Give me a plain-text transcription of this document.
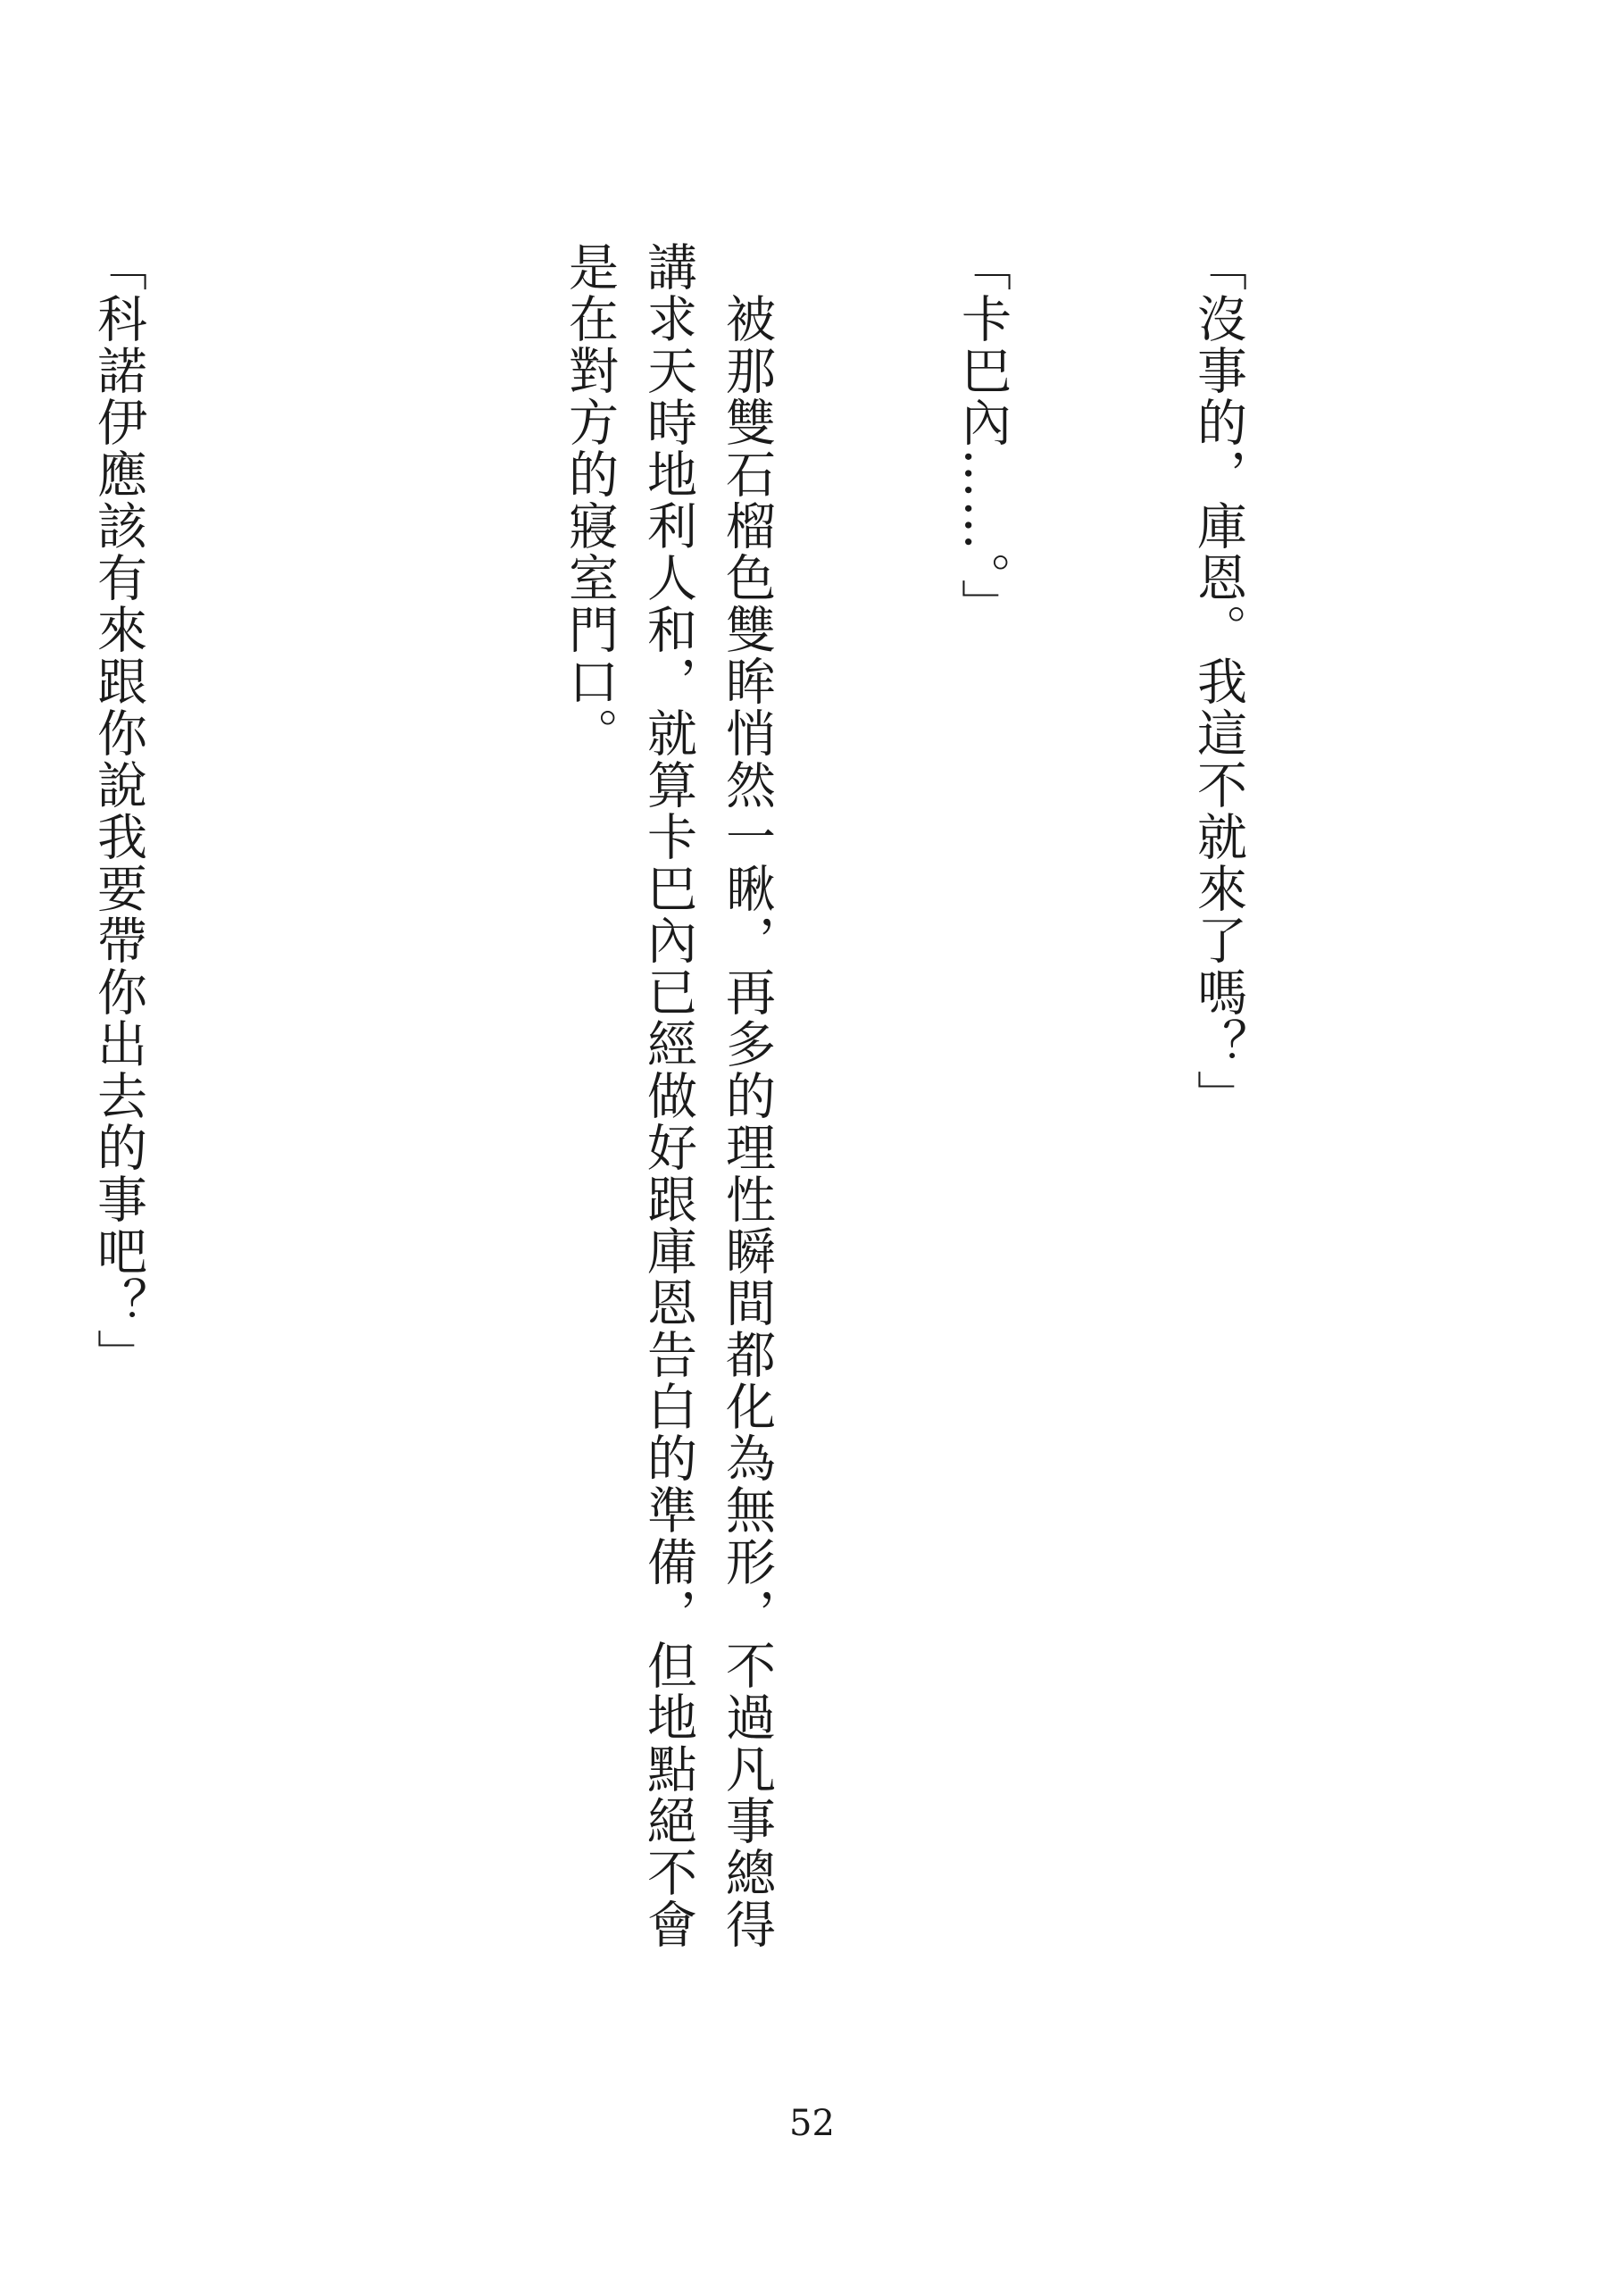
「沒事的，庫恩。我這不就來了嗎？」

「卡巴內……。」

　被那雙石榴色雙眸悄然一瞅，再多的理性瞬間都化為無形，不過凡事總得講求天時地利人和，就算卡巴內已經做好跟庫恩告白的準備，但地點絕不會是在對方的寢室門口。

「科諾伊應該有來跟你說我要帶你出去的事吧？」

52
